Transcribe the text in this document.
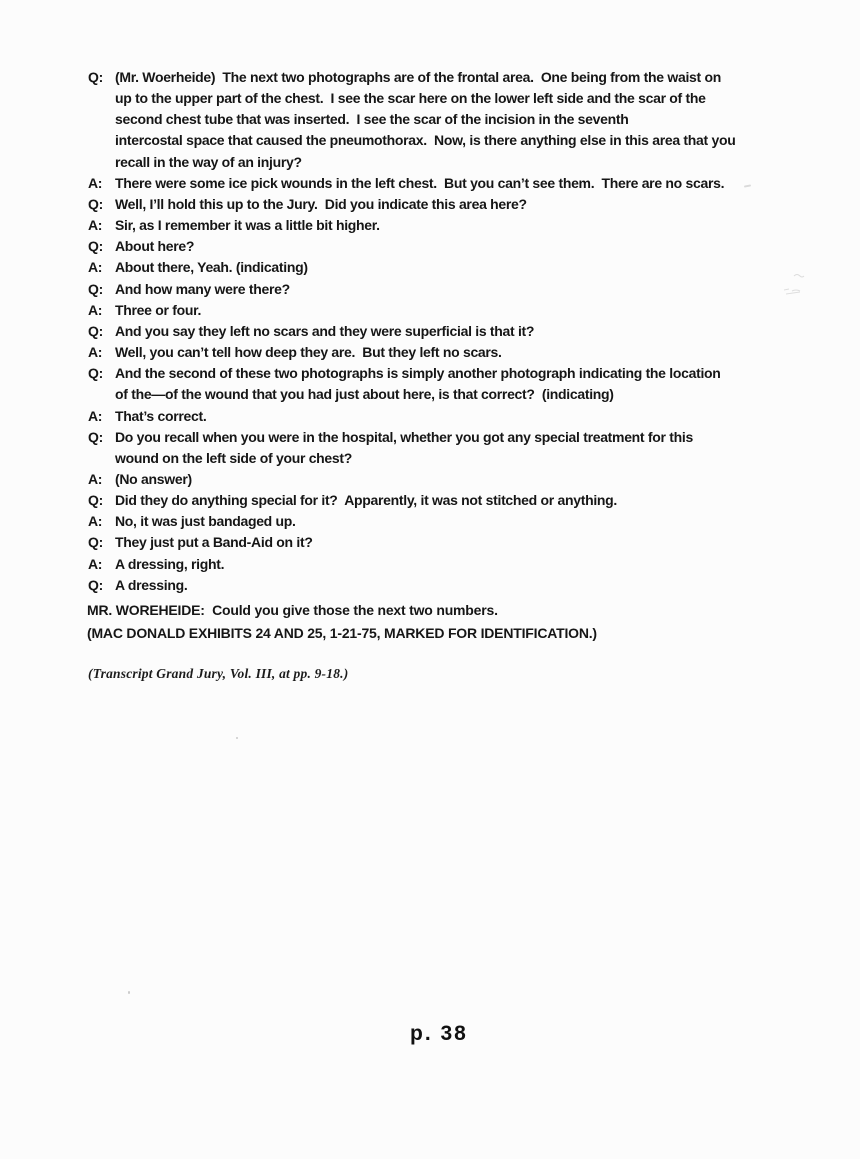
Q: (Mr. Woerheide)  The next two photographs are of the frontal area.  One being from the waist on
up to the upper part of the chest.  I see the scar here on the lower left side and the scar of the
second chest tube that was inserted.  I see the scar of the incision in the seventh
intercostal space that caused the pneumothorax.  Now, is there anything else in this area that you
recall in the way of an injury?
A: There were some ice pick wounds in the left chest.  But you can’t see them.  There are no scars.
Q: Well, I’ll hold this up to the Jury.  Did you indicate this area here?
A: Sir, as I remember it was a little bit higher.
Q: About here?
A: About there, Yeah. (indicating)
Q: And how many were there?
A: Three or four.
Q: And you say they left no scars and they were superficial is that it?
A: Well, you can’t tell how deep they are.  But they left no scars.
Q: And the second of these two photographs is simply another photograph indicating the location
of the—of the wound that you had just about here, is that correct?  (indicating)
A: That’s correct.
Q: Do you recall when you were in the hospital, whether you got any special treatment for this
wound on the left side of your chest?
A: (No answer)
Q: Did they do anything special for it?  Apparently, it was not stitched or anything.
A: No, it was just bandaged up.
Q: They just put a Band-Aid on it?
A: A dressing, right.
Q: A dressing.
MR. WOREHEIDE:  Could you give those the next two numbers.
(MAC DONALD EXHIBITS 24 AND 25, 1-21-75, MARKED FOR IDENTIFICATION.)
(Transcript Grand Jury, Vol. III, at pp. 9-18.)
p. 38
